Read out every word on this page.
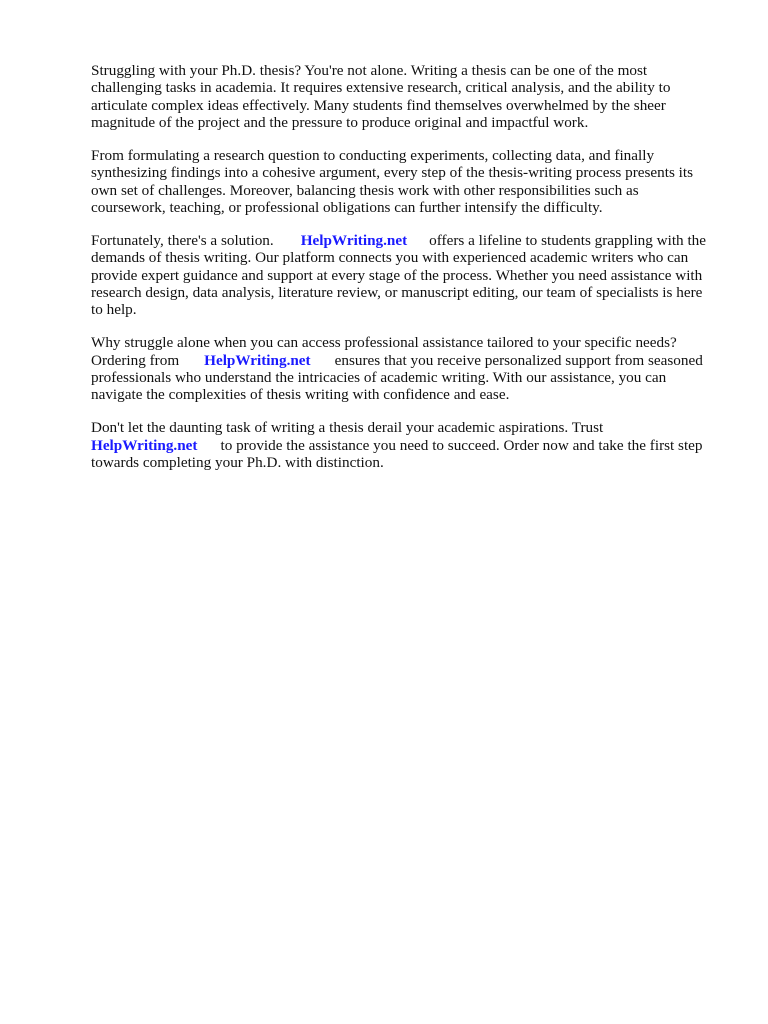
Struggling with your Ph.D. thesis? You're not alone. Writing a thesis can be one of the most
challenging tasks in academia. It requires extensive research, critical analysis, and the ability to
articulate complex ideas effectively. Many students find themselves overwhelmed by the sheer
magnitude of the project and the pressure to produce original and impactful work.
From formulating a research question to conducting experiments, collecting data, and finally
synthesizing findings into a cohesive argument, every step of the thesis-writing process presents its
own set of challenges. Moreover, balancing thesis work with other responsibilities such as
coursework, teaching, or professional obligations can further intensify the difficulty.
Fortunately, there's a solution. HelpWriting.net offers a lifeline to students grappling with the
demands of thesis writing. Our platform connects you with experienced academic writers who can
provide expert guidance and support at every stage of the process. Whether you need assistance with
research design, data analysis, literature review, or manuscript editing, our team of specialists is here
to help.
Why struggle alone when you can access professional assistance tailored to your specific needs?
Ordering from HelpWriting.net ensures that you receive personalized support from seasoned
professionals who understand the intricacies of academic writing. With our assistance, you can
navigate the complexities of thesis writing with confidence and ease.
Don't let the daunting task of writing a thesis derail your academic aspirations. Trust
HelpWriting.net to provide the assistance you need to succeed. Order now and take the first step
towards completing your Ph.D. with distinction.
